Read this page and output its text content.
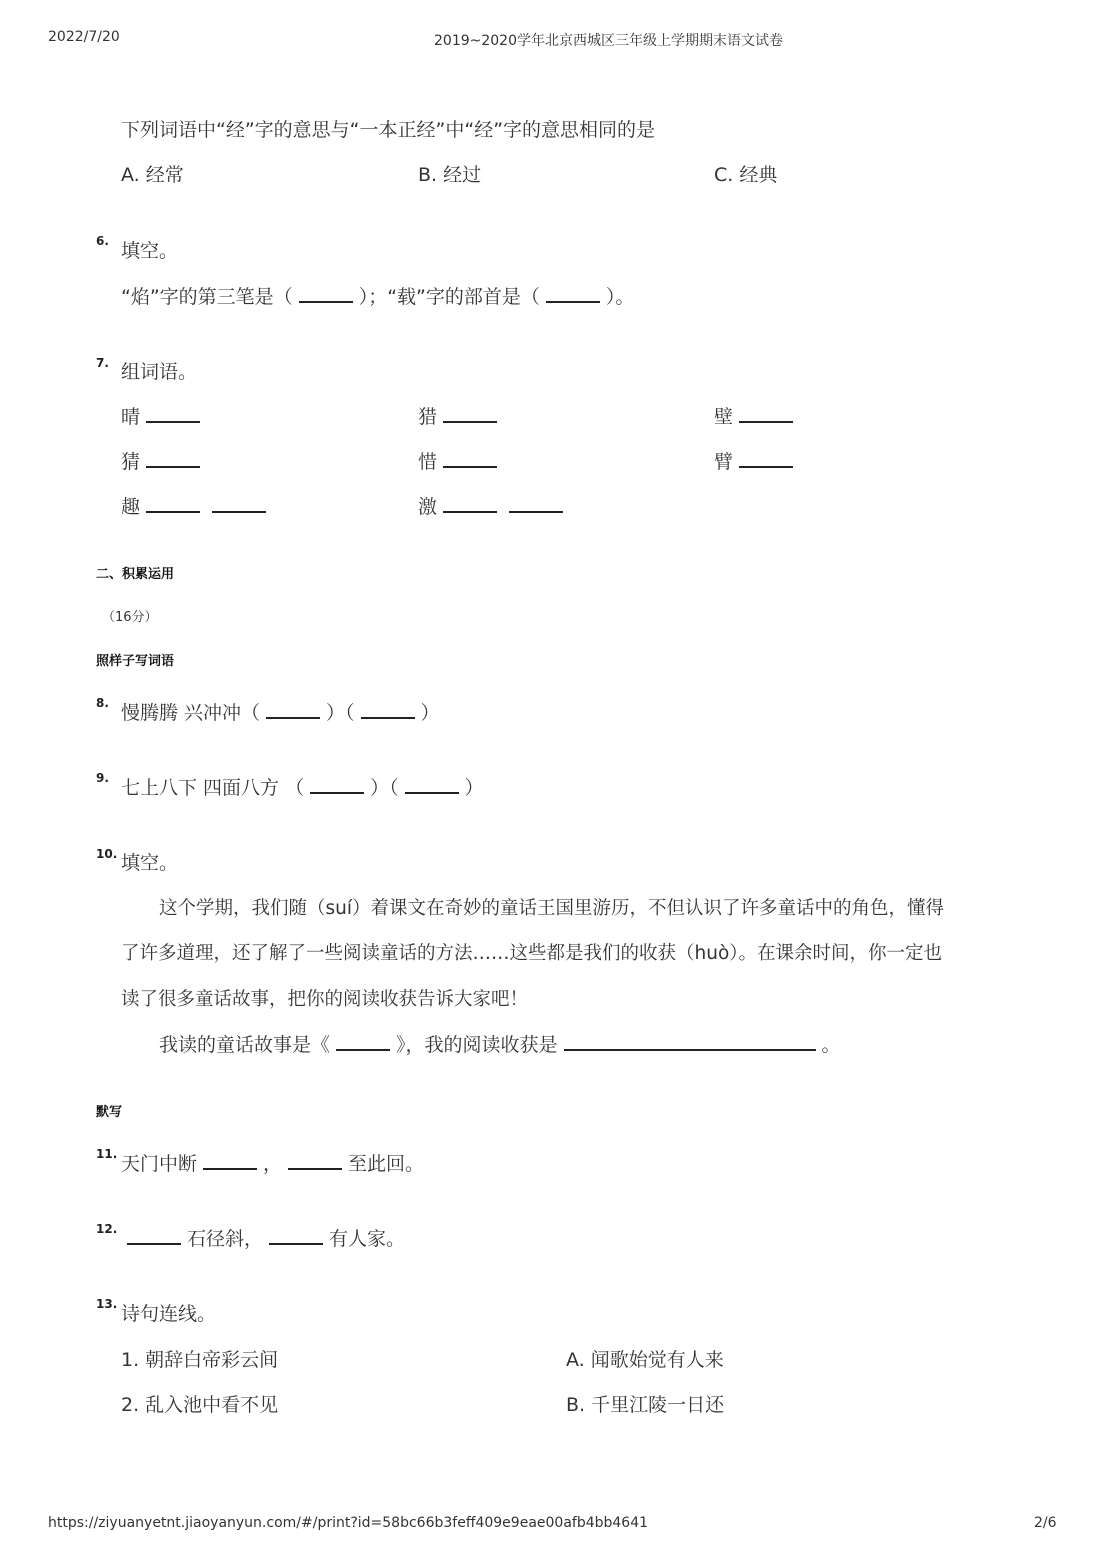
2022/7/20	2019~2020学年北京西城区三年级上学期期末语文试卷
下列词语中“经”字的意思与“一本正经”中“经”字的意思相同的是
A. 经常	B. 经过	C. 经典
6. 填空。
“焰”字的第三笔是（	）；“载”字的部首是（	）。
7. 组词语。
晴	猎	壁
猜	惜	臂
趣	激
二、积累运用
（16分）
照样子写词语
8. 慢腾腾 兴冲冲（	）（	）
9. 七上八下 四面八方 （	）（	）
10. 填空。
这个学期，我们随（suí）着课文在奇妙的童话王国里游历，不但认识了许多童话中的角色，懂得
了许多道理，还了解了一些阅读童话的方法……这些都是我们的收获（huò）。在课余时间，你一定也
读了很多童话故事，把你的阅读收获告诉大家吧！
我读的童话故事是《	》，我的阅读收获是	。
默写
11. 天门中断	，	至此回。
12.	石径斜，	有人家。
13. 诗句连线。
1. 朝辞白帝彩云间	A. 闻歌始觉有人来
2. 乱入池中看不见	B. 千里江陵一日还
https://ziyuanyetnt.jiaoyanyun.com/#/print?id=58bc66b3feff409e9eae00afb4bb4641	2/6
